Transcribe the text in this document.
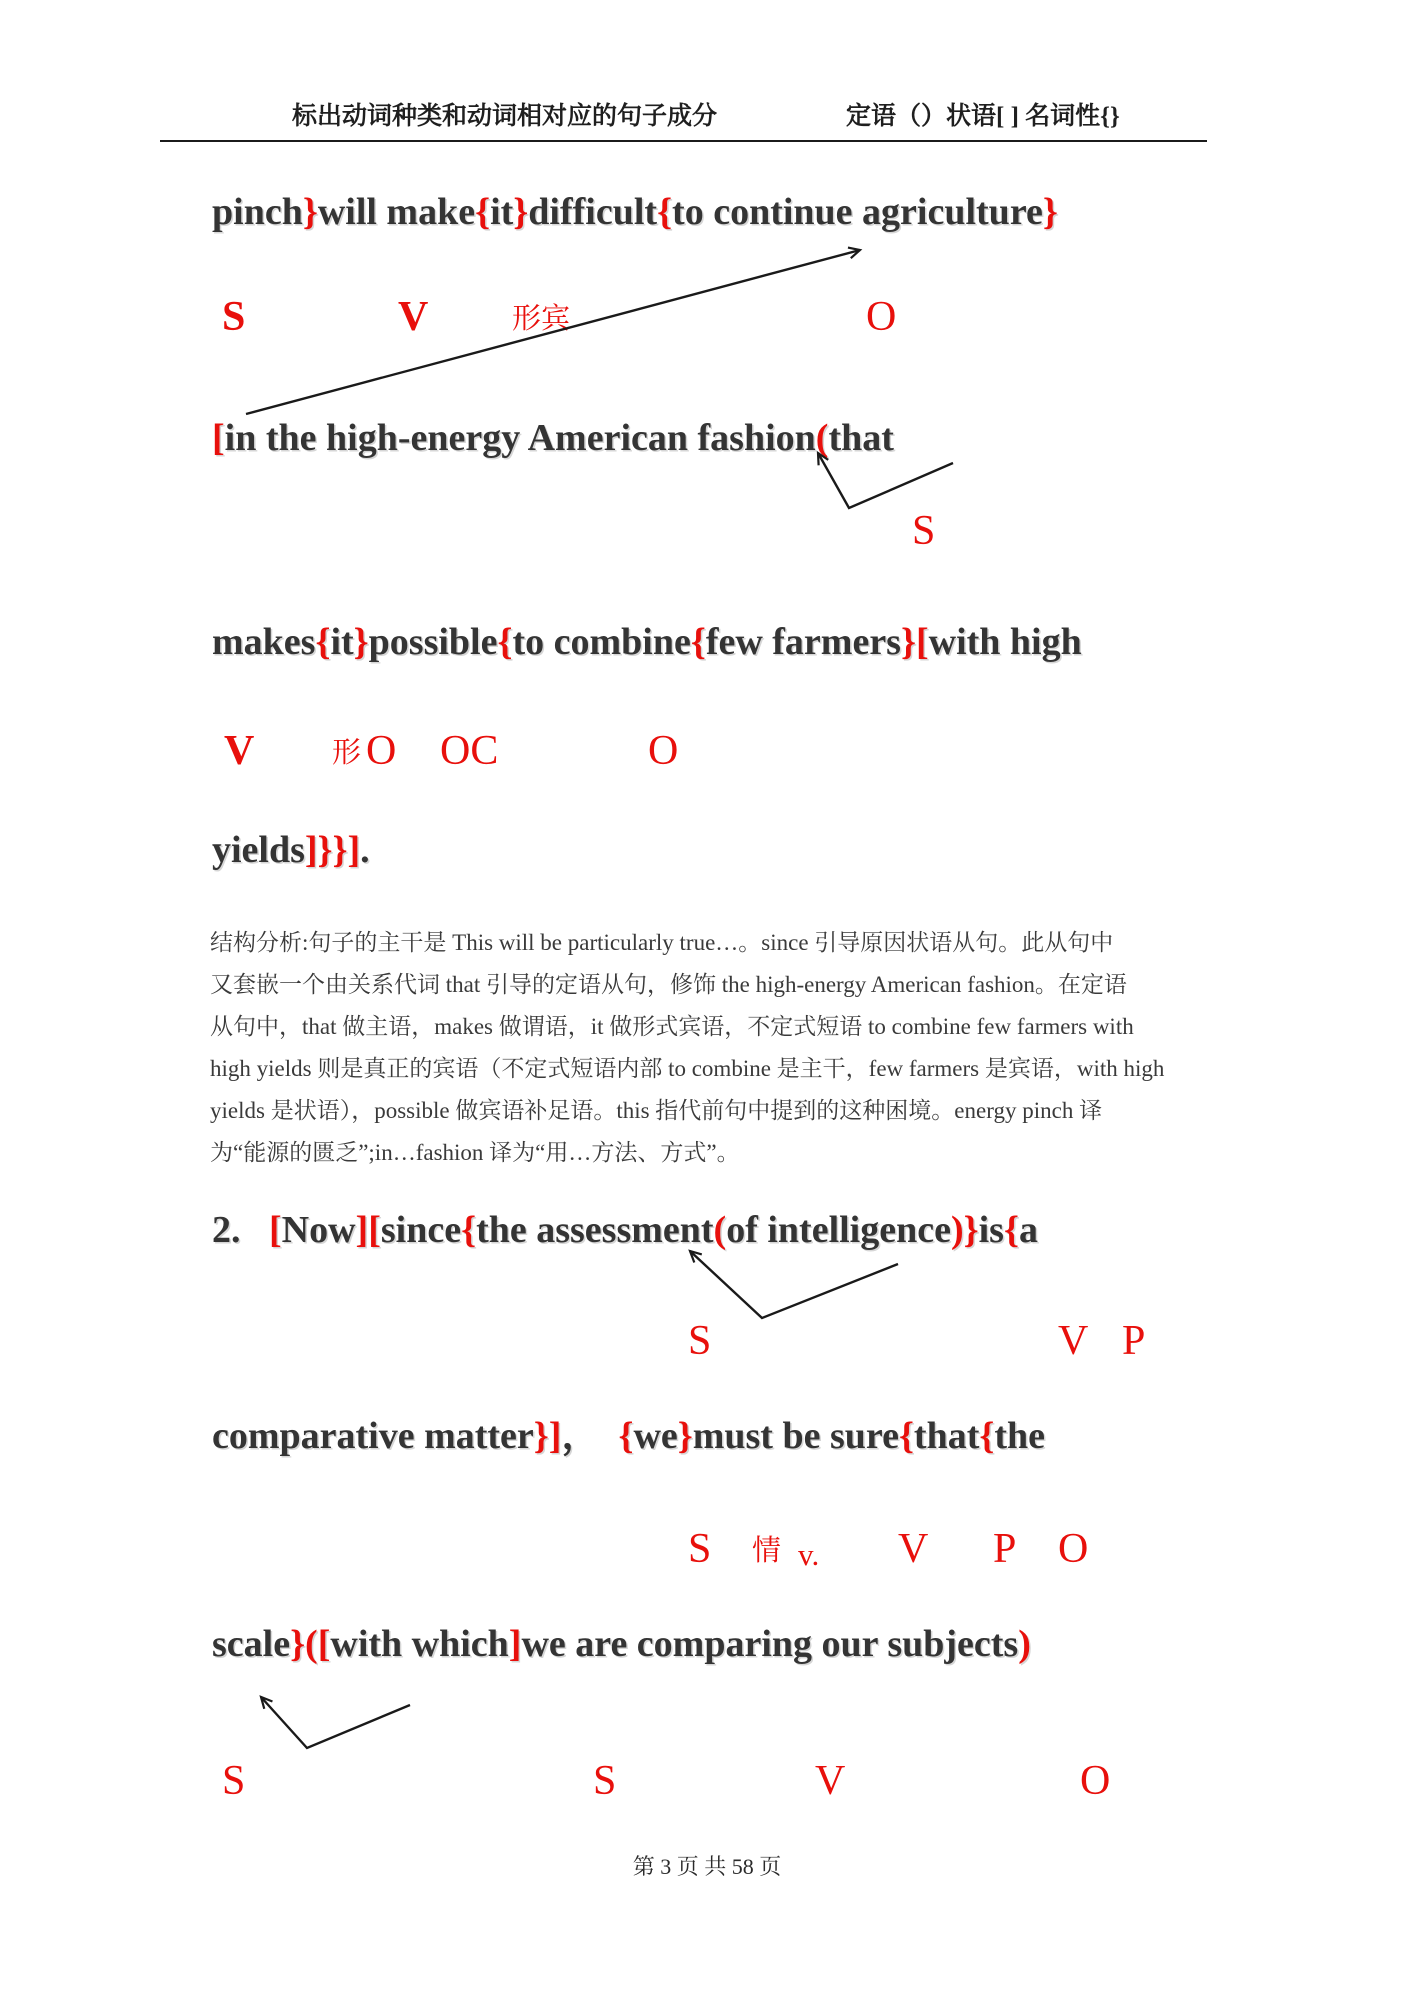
标出动词种类和动词相对应的句子成分	定语（）状语[ ] 名词性{}
pinch}will make{it}difficult{to continue agriculture}
[in the high-energy American fashion(that
makes{it}possible{to combine{few farmers}[with high
yields]}}].
2.   [Now][since{the assessment(of intelligence)}is{a
comparative matter}]，  {we}must be sure{that{the
scale}([with which]we are comparing our subjects)
S	V	形宾	O
S
V	形 O OC	O
S	V P
S 情 v. V P O
S	S	V	O
结构分析:句子的主干是 This will be particularly true…。since 引导原因状语从句。此从句中
又套嵌一个由关系代词 that 引导的定语从句，修饰 the high-energy American fashion。在定语
从句中，that 做主语，makes 做谓语，it 做形式宾语，不定式短语 to combine few farmers with
high yields 则是真正的宾语（不定式短语内部 to combine 是主干，few farmers 是宾语，with high
yields 是状语），possible 做宾语补足语。this 指代前句中提到的这种困境。energy pinch 译
为“能源的匮乏”;in…fashion 译为“用…方法、方式”。
第 3 页 共 58 页
